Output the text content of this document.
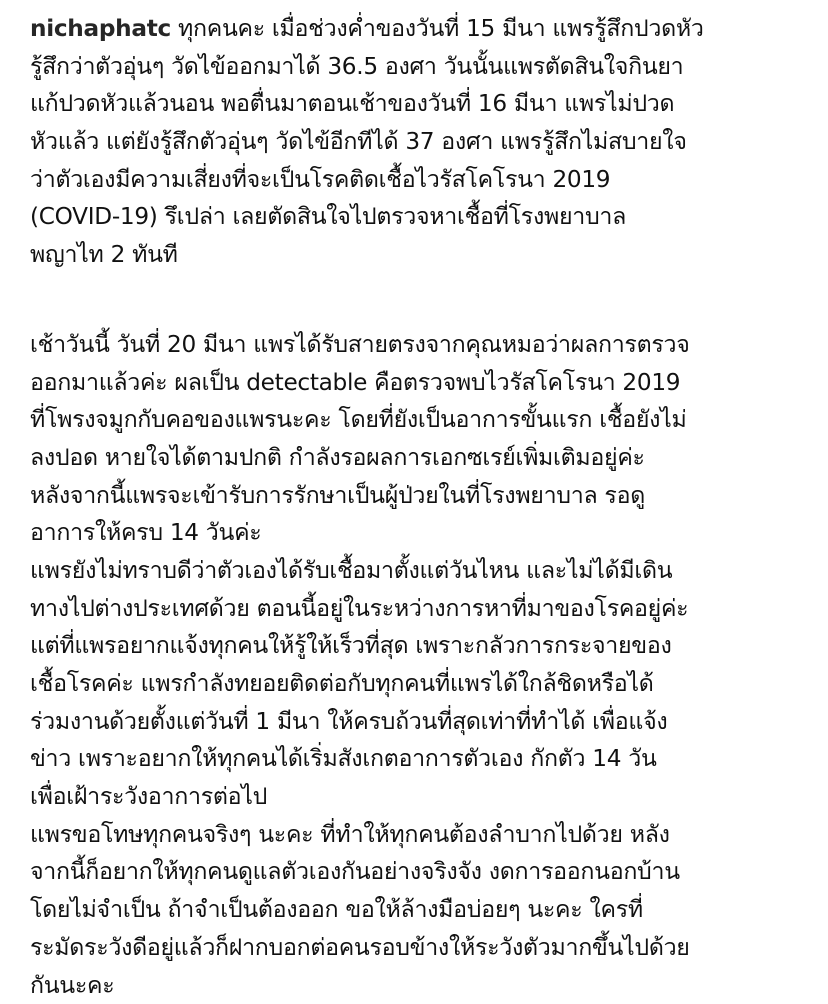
nichaphatc ทุกคนคะ เมื่อช่วงค่ำของวันที่ 15 มีนา แพรรู้สึกปวดหัว
รู้สึกว่าตัวอุ่นๆ วัดไข้ออกมาได้ 36.5 องศา วันนั้นแพรตัดสินใจกินยา
แก้ปวดหัวแล้วนอน พอตื่นมาตอนเช้าของวันที่ 16 มีนา แพรไม่ปวด
หัวแล้ว แต่ยังรู้สึกตัวอุ่นๆ วัดไข้อีกทีได้ 37 องศา แพรรู้สึกไม่สบายใจ
ว่าตัวเองมีความเสี่ยงที่จะเป็นโรคติดเชื้อไวรัสโคโรนา 2019
(COVID-19) รึเปล่า เลยตัดสินใจไปตรวจหาเชื้อที่โรงพยาบาล
พญาไท 2 ทันที
เช้าวันนี้ วันที่ 20 มีนา แพรได้รับสายตรงจากคุณหมอว่าผลการตรวจ
ออกมาแล้วค่ะ ผลเป็น detectable คือตรวจพบไวรัสโคโรนา 2019
ที่โพรงจมูกกับคอของแพรนะคะ โดยที่ยังเป็นอาการขั้นแรก เชื้อยังไม่
ลงปอด หายใจได้ตามปกติ กำลังรอผลการเอกซเรย์เพิ่มเติมอยู่ค่ะ
หลังจากนี้แพรจะเข้ารับการรักษาเป็นผู้ป่วยในที่โรงพยาบาล รอดู
อาการให้ครบ 14 วันค่ะ
แพรยังไม่ทราบดีว่าตัวเองได้รับเชื้อมาตั้งแต่วันไหน และไม่ได้มีเดิน
ทางไปต่างประเทศด้วย ตอนนี้อยู่ในระหว่างการหาที่มาของโรคอยู่ค่ะ
แต่ที่แพรอยากแจ้งทุกคนให้รู้ให้เร็วที่สุด เพราะกลัวการกระจายของ
เชื้อโรคค่ะ แพรกำลังทยอยติดต่อกับทุกคนที่แพรได้ใกล้ชิดหรือได้
ร่วมงานด้วยตั้งแต่วันที่ 1 มีนา ให้ครบถ้วนที่สุดเท่าที่ทำได้ เพื่อแจ้ง
ข่าว เพราะอยากให้ทุกคนได้เริ่มสังเกตอาการตัวเอง กักตัว 14 วัน
เพื่อเฝ้าระวังอาการต่อไป
แพรขอโทษทุกคนจริงๆ นะคะ ที่ทำให้ทุกคนต้องลำบากไปด้วย หลัง
จากนี้ก็อยากให้ทุกคนดูแลตัวเองกันอย่างจริงจัง งดการออกนอกบ้าน
โดยไม่จำเป็น ถ้าจำเป็นต้องออก ขอให้ล้างมือบ่อยๆ นะคะ ใครที่
ระมัดระวังดีอยู่แล้วก็ฝากบอกต่อคนรอบข้างให้ระวังตัวมากขึ้นไปด้วย
กันนะคะ
